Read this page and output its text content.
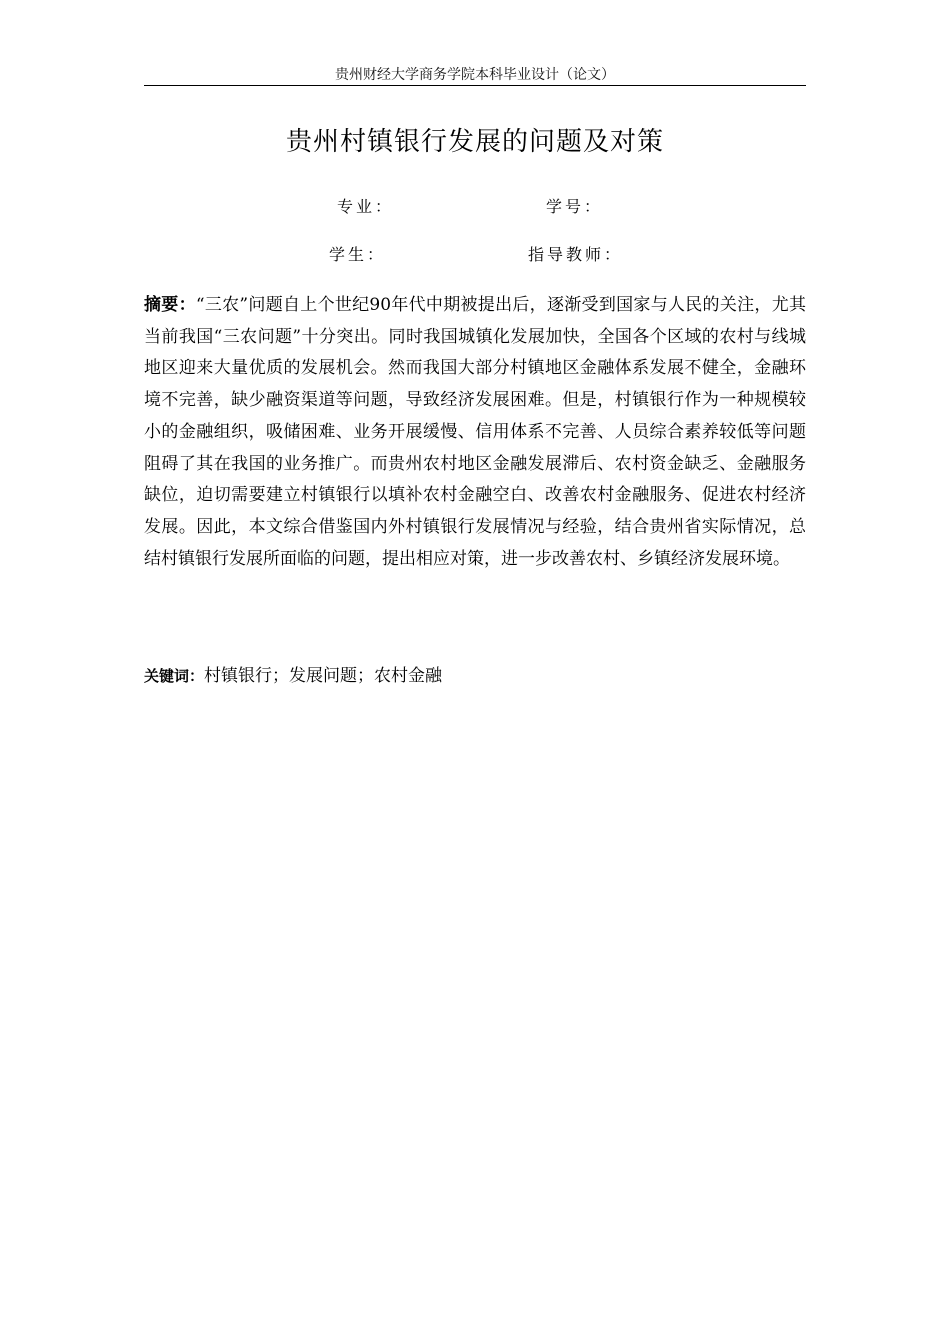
贵州财经大学商务学院本科毕业设计（论文）
贵州村镇银行发展的问题及对策
专业：	学号：
学生：	指导教师：
摘要：“三农”问题自上个世纪90年代中期被提出后，逐渐受到国家与人民的关注，尤其当前我国“三农问题”十分突出。同时我国城镇化发展加快，全国各个区域的农村与线城地区迎来大量优质的发展机会。然而我国大部分村镇地区金融体系发展不健全，金融环境不完善，缺少融资渠道等问题，导致经济发展困难。但是，村镇银行作为一种规模较小的金融组织，吸储困难、业务开展缓慢、信用体系不完善、人员综合素养较低等问题阻碍了其在我国的业务推广。而贵州农村地区金融发展滞后、农村资金缺乏、金融服务缺位，迫切需要建立村镇银行以填补农村金融空白、改善农村金融服务、促进农村经济发展。因此，本文综合借鉴国内外村镇银行发展情况与经验，结合贵州省实际情况，总结村镇银行发展所面临的问题，提出相应对策，进一步改善农村、乡镇经济发展环境。
关键词：村镇银行；发展问题；农村金融
